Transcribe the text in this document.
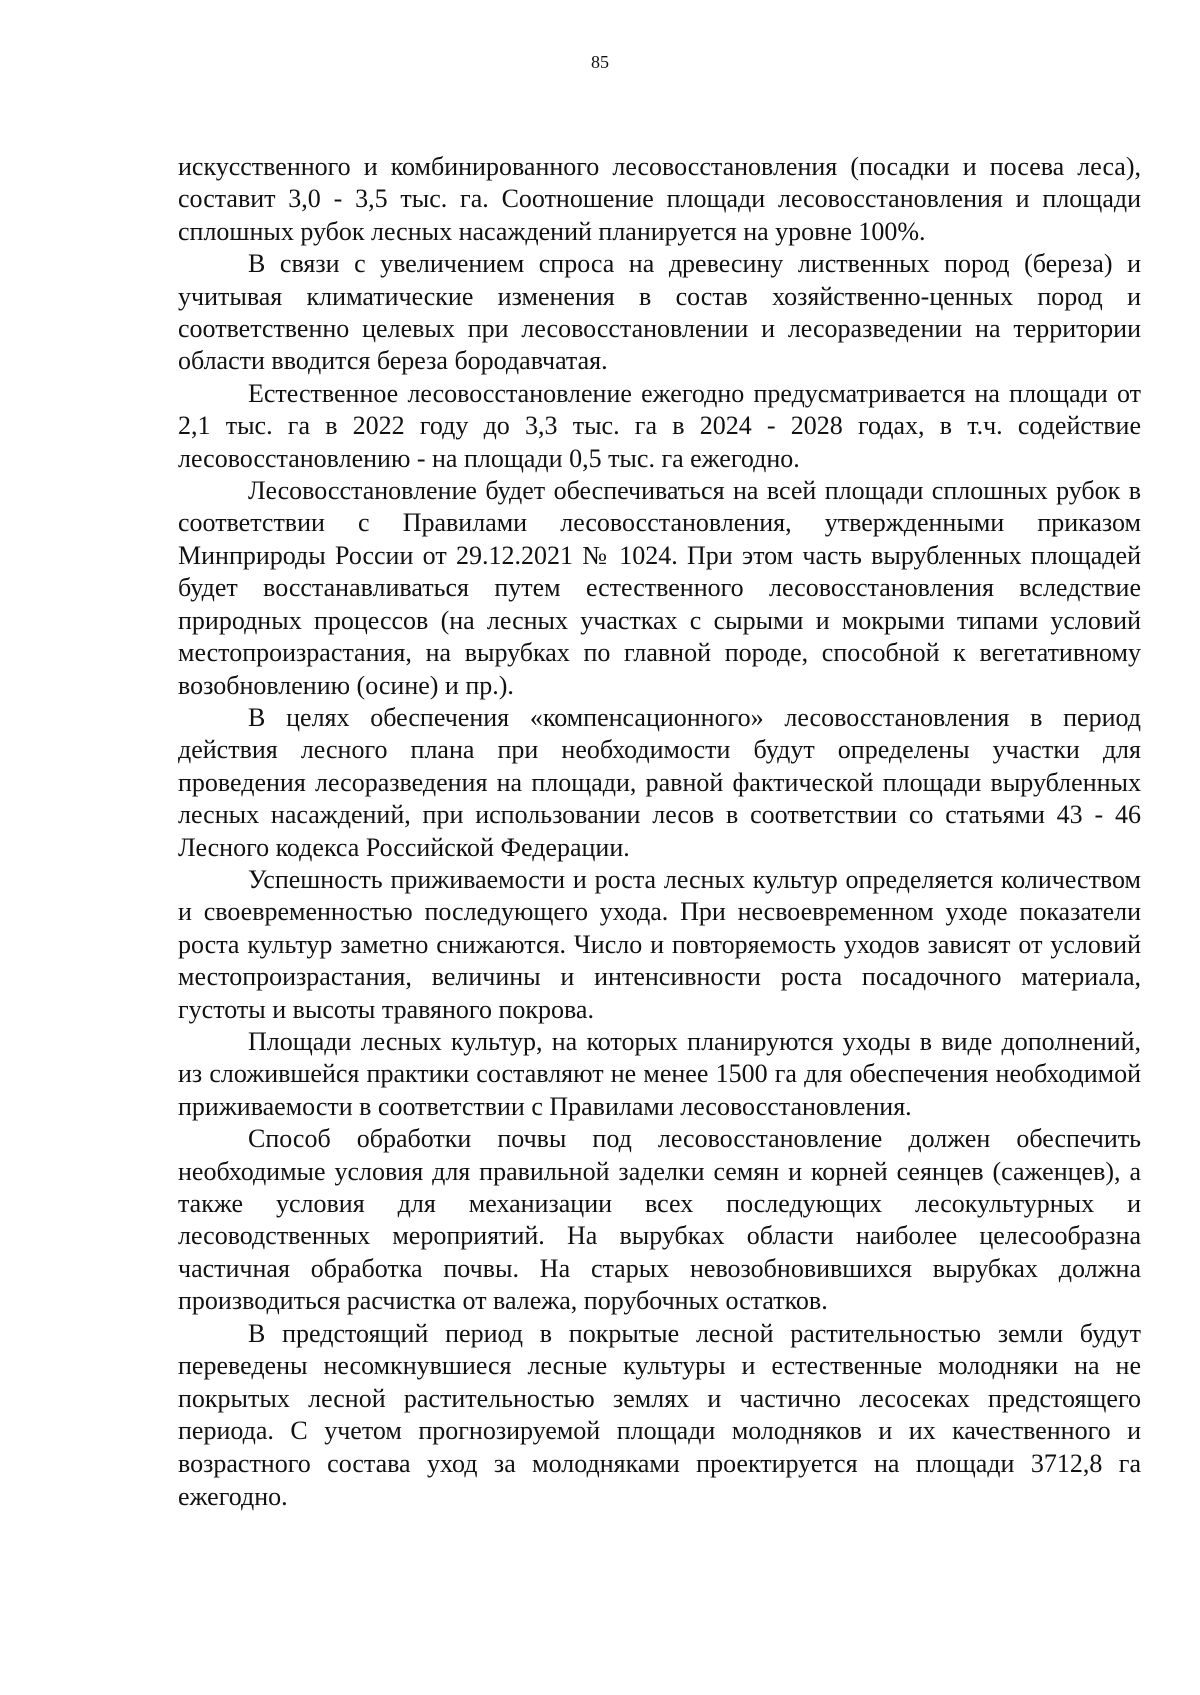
85

искусственного и комбинированного лесовосстановления (посадки и посева леса), составит 3,0 - 3,5 тыс. га. Соотношение площади лесовосстановления и площади сплошных рубок лесных насаждений планируется на уровне 100%.

В связи с увеличением спроса на древесину лиственных пород (береза) и учитывая климатические изменения в состав хозяйственно-ценных пород и соответственно целевых при лесовосстановлении и лесоразведении на территории области вводится береза бородавчатая.

Естественное лесовосстановление ежегодно предусматривается на площади от 2,1 тыс. га в 2022 году до 3,3 тыс. га в 2024 - 2028 годах, в т.ч. содействие лесовосстановлению - на площади 0,5 тыс. га ежегодно.

Лесовосстановление будет обеспечиваться на всей площади сплошных рубок в соответствии с Правилами лесовосстановления, утвержденными приказом Минприроды России от 29.12.2021 № 1024. При этом часть вырубленных площадей будет восстанавливаться путем естественного лесовосстановления вследствие природных процессов (на лесных участках с сырыми и мокрыми типами условий местопроизрастания, на вырубках по главной породе, способной к вегетативному возобновлению (осине) и пр.).

В целях обеспечения «компенсационного» лесовосстановления в период действия лесного плана при необходимости будут определены участки для проведения лесоразведения на площади, равной фактической площади вырубленных лесных насаждений, при использовании лесов в соответствии со статьями 43 - 46 Лесного кодекса Российской Федерации.

Успешность приживаемости и роста лесных культур определяется количеством и своевременностью последующего ухода. При несвоевременном уходе показатели роста культур заметно снижаются. Число и повторяемость уходов зависят от условий местопроизрастания, величины и интенсивности роста посадочного материала, густоты и высоты травяного покрова.

Площади лесных культур, на которых планируются уходы в виде дополнений, из сложившейся практики составляют не менее 1500 га для обеспечения необходимой приживаемости в соответствии с Правилами лесовосстановления.

Способ обработки почвы под лесовосстановление должен обеспечить необходимые условия для правильной заделки семян и корней сеянцев (саженцев), а также условия для механизации всех последующих лесокультурных и лесоводственных мероприятий. На вырубках области наиболее целесообразна частичная обработка почвы. На старых невозобновившихся вырубках должна производиться расчистка от валежа, порубочных остатков.

В предстоящий период в покрытые лесной растительностью земли будут переведены несомкнувшиеся лесные культуры и естественные молодняки на не покрытых лесной растительностью землях и частично лесосеках предстоящего периода. С учетом прогнозируемой площади молодняков и их качественного и возрастного состава уход за молодняками проектируется на площади 3712,8 га ежегодно.
